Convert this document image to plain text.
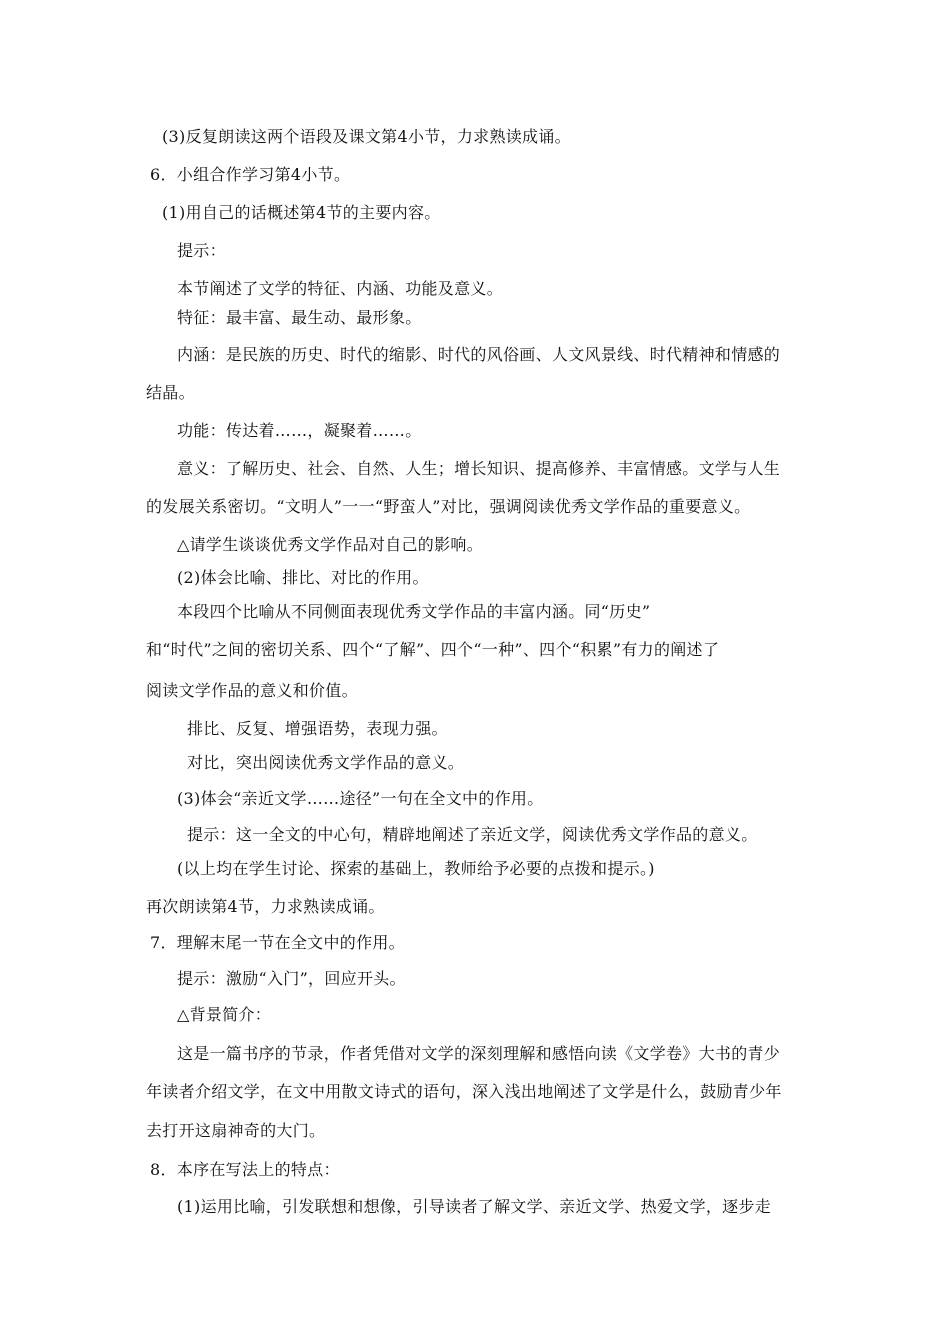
(3)反复朗读这两个语段及课文第4小节，力求熟读成诵。
6．小组合作学习第4小节。
(1)用自己的话概述第4节的主要内容。
提示：
本节阐述了文学的特征、内涵、功能及意义。
特征：最丰富、最生动、最形象。
内涵：是民族的历史、时代的缩影、时代的风俗画、人文风景线、时代精神和情感的
结晶。
功能：传达着……，凝聚着……。
意义：了解历史、社会、自然、人生；增长知识、提高修养、丰富情感。文学与人生
的发展关系密切。“文明人”一一“野蛮人”对比，强调阅读优秀文学作品的重要意义。
△请学生谈谈优秀文学作品对自己的影响。
(2)体会比喻、排比、对比的作用。
本段四个比喻从不同侧面表现优秀文学作品的丰富内涵。同“历史”
和“时代”之间的密切关系、四个“了解”、四个“一种”、四个“积累”有力的阐述了
阅读文学作品的意义和价值。
排比、反复、增强语势，表现力强。
对比，突出阅读优秀文学作品的意义。
(3)体会“亲近文学……途径”一句在全文中的作用。
提示：这一全文的中心句，精辟地阐述了亲近文学，阅读优秀文学作品的意义。
(以上均在学生讨论、探索的基础上，教师给予必要的点拨和提示。)
再次朗读第4节，力求熟读成诵。
7．理解末尾一节在全文中的作用。
提示：激励“入门”，回应开头。
△背景简介：
这是一篇书序的节录，作者凭借对文学的深刻理解和感悟向读《文学卷》大书的青少
年读者介绍文学，在文中用散文诗式的语句，深入浅出地阐述了文学是什么，鼓励青少年
去打开这扇神奇的大门。
8．本序在写法上的特点：
(1)运用比喻，引发联想和想像，引导读者了解文学、亲近文学、热爱文学，逐步走
